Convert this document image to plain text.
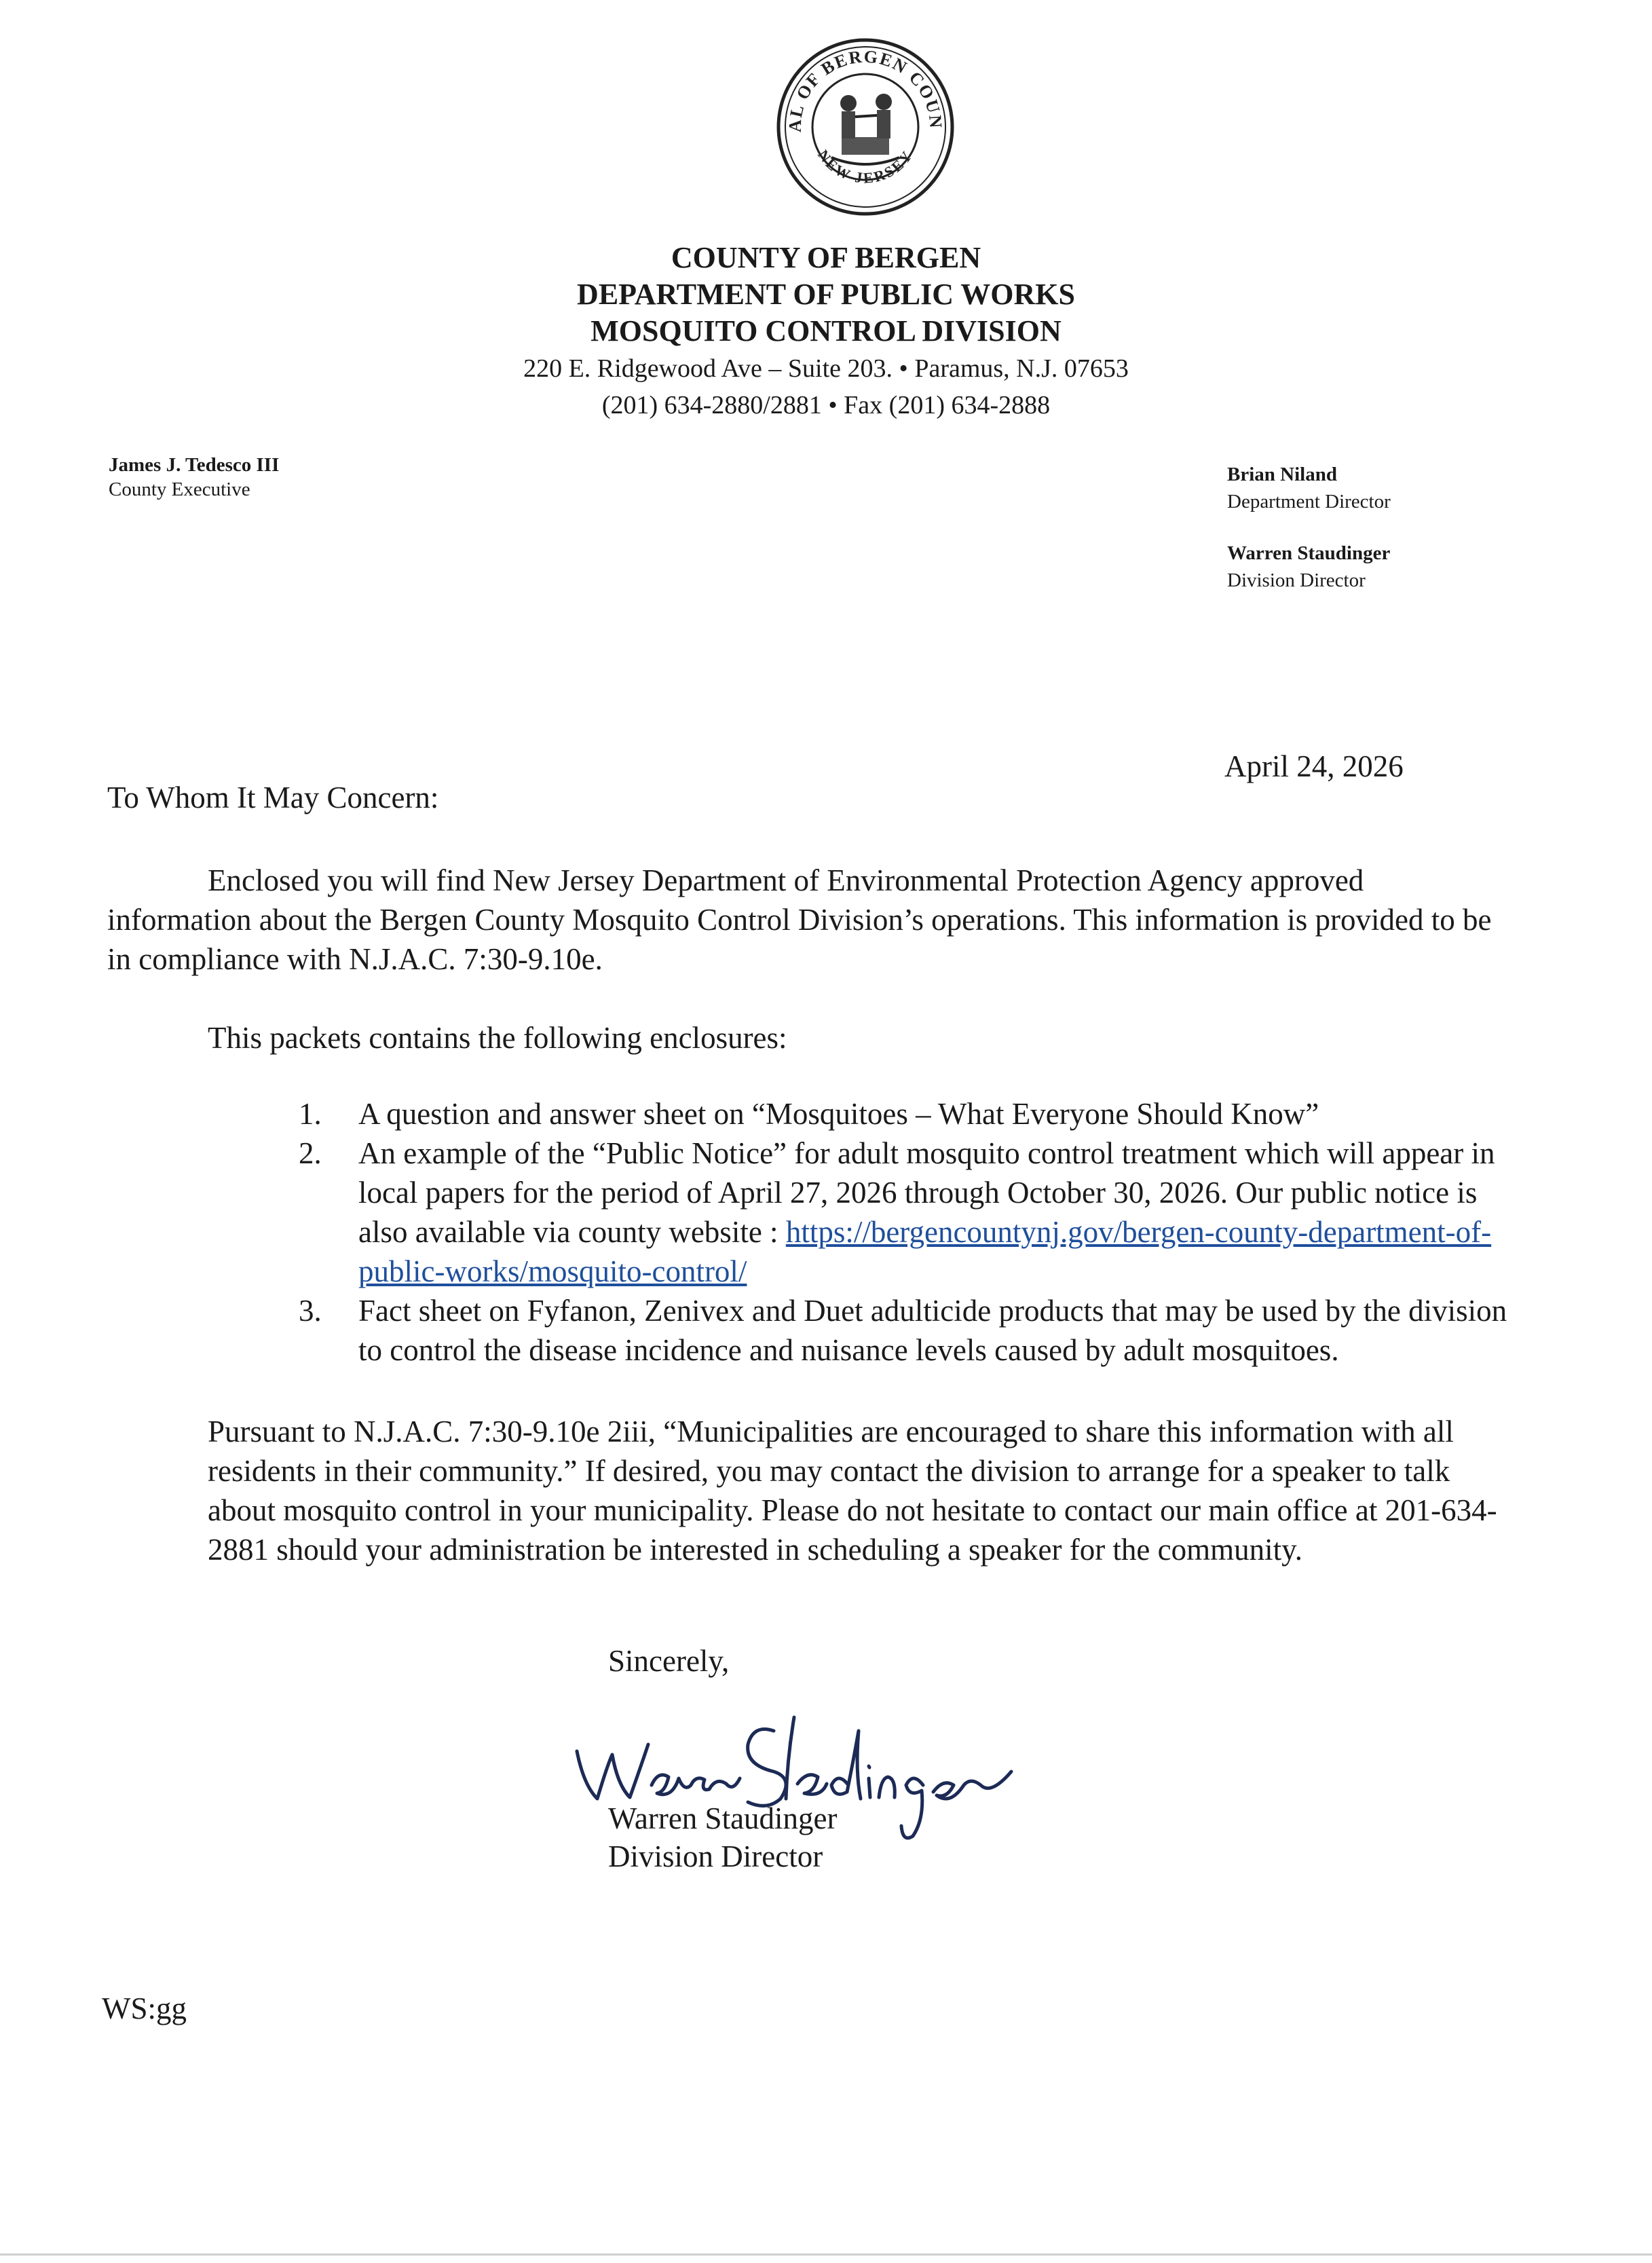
AL OF BERGEN COUN
NEW JERSEY
COUNTY OF BERGEN
DEPARTMENT OF PUBLIC WORKS
MOSQUITO CONTROL DIVISION
220 E. Ridgewood Ave – Suite 203. • Paramus, N.J. 07653
(201) 634-2880/2881 • Fax (201) 634-2888
James J. Tedesco III
County Executive
Brian Niland
Department Director
Warren Staudinger
Division Director
April 24, 2026
To Whom It May Concern:
Enclosed you will find New Jersey Department of Environmental Protection Agency approved
information about the Bergen County Mosquito Control Division’s operations. This information is provided to be
in compliance with N.J.A.C. 7:30-9.10e.
This packets contains the following enclosures:
1. A question and answer sheet on “Mosquitoes – What Everyone Should Know”
2. An example of the “Public Notice” for adult mosquito control treatment which will appear in
local papers for the period of April 27, 2026 through October 30, 2026. Our public notice is
also available via county website : https://bergencountynj.gov/bergen-county-department-of-
public-works/mosquito-control/
3. Fact sheet on Fyfanon, Zenivex and Duet adulticide products that may be used by the division
to control the disease incidence and nuisance levels caused by adult mosquitoes.
Pursuant to N.J.A.C. 7:30-9.10e 2iii, “Municipalities are encouraged to share this information with all
residents in their community.” If desired, you may contact the division to arrange for a speaker to talk
about mosquito control in your municipality. Please do not hesitate to contact our main office at 201-634-
2881 should your administration be interested in scheduling a speaker for the community.
Sincerely,
Warren Staudinger
Division Director
WS:gg
